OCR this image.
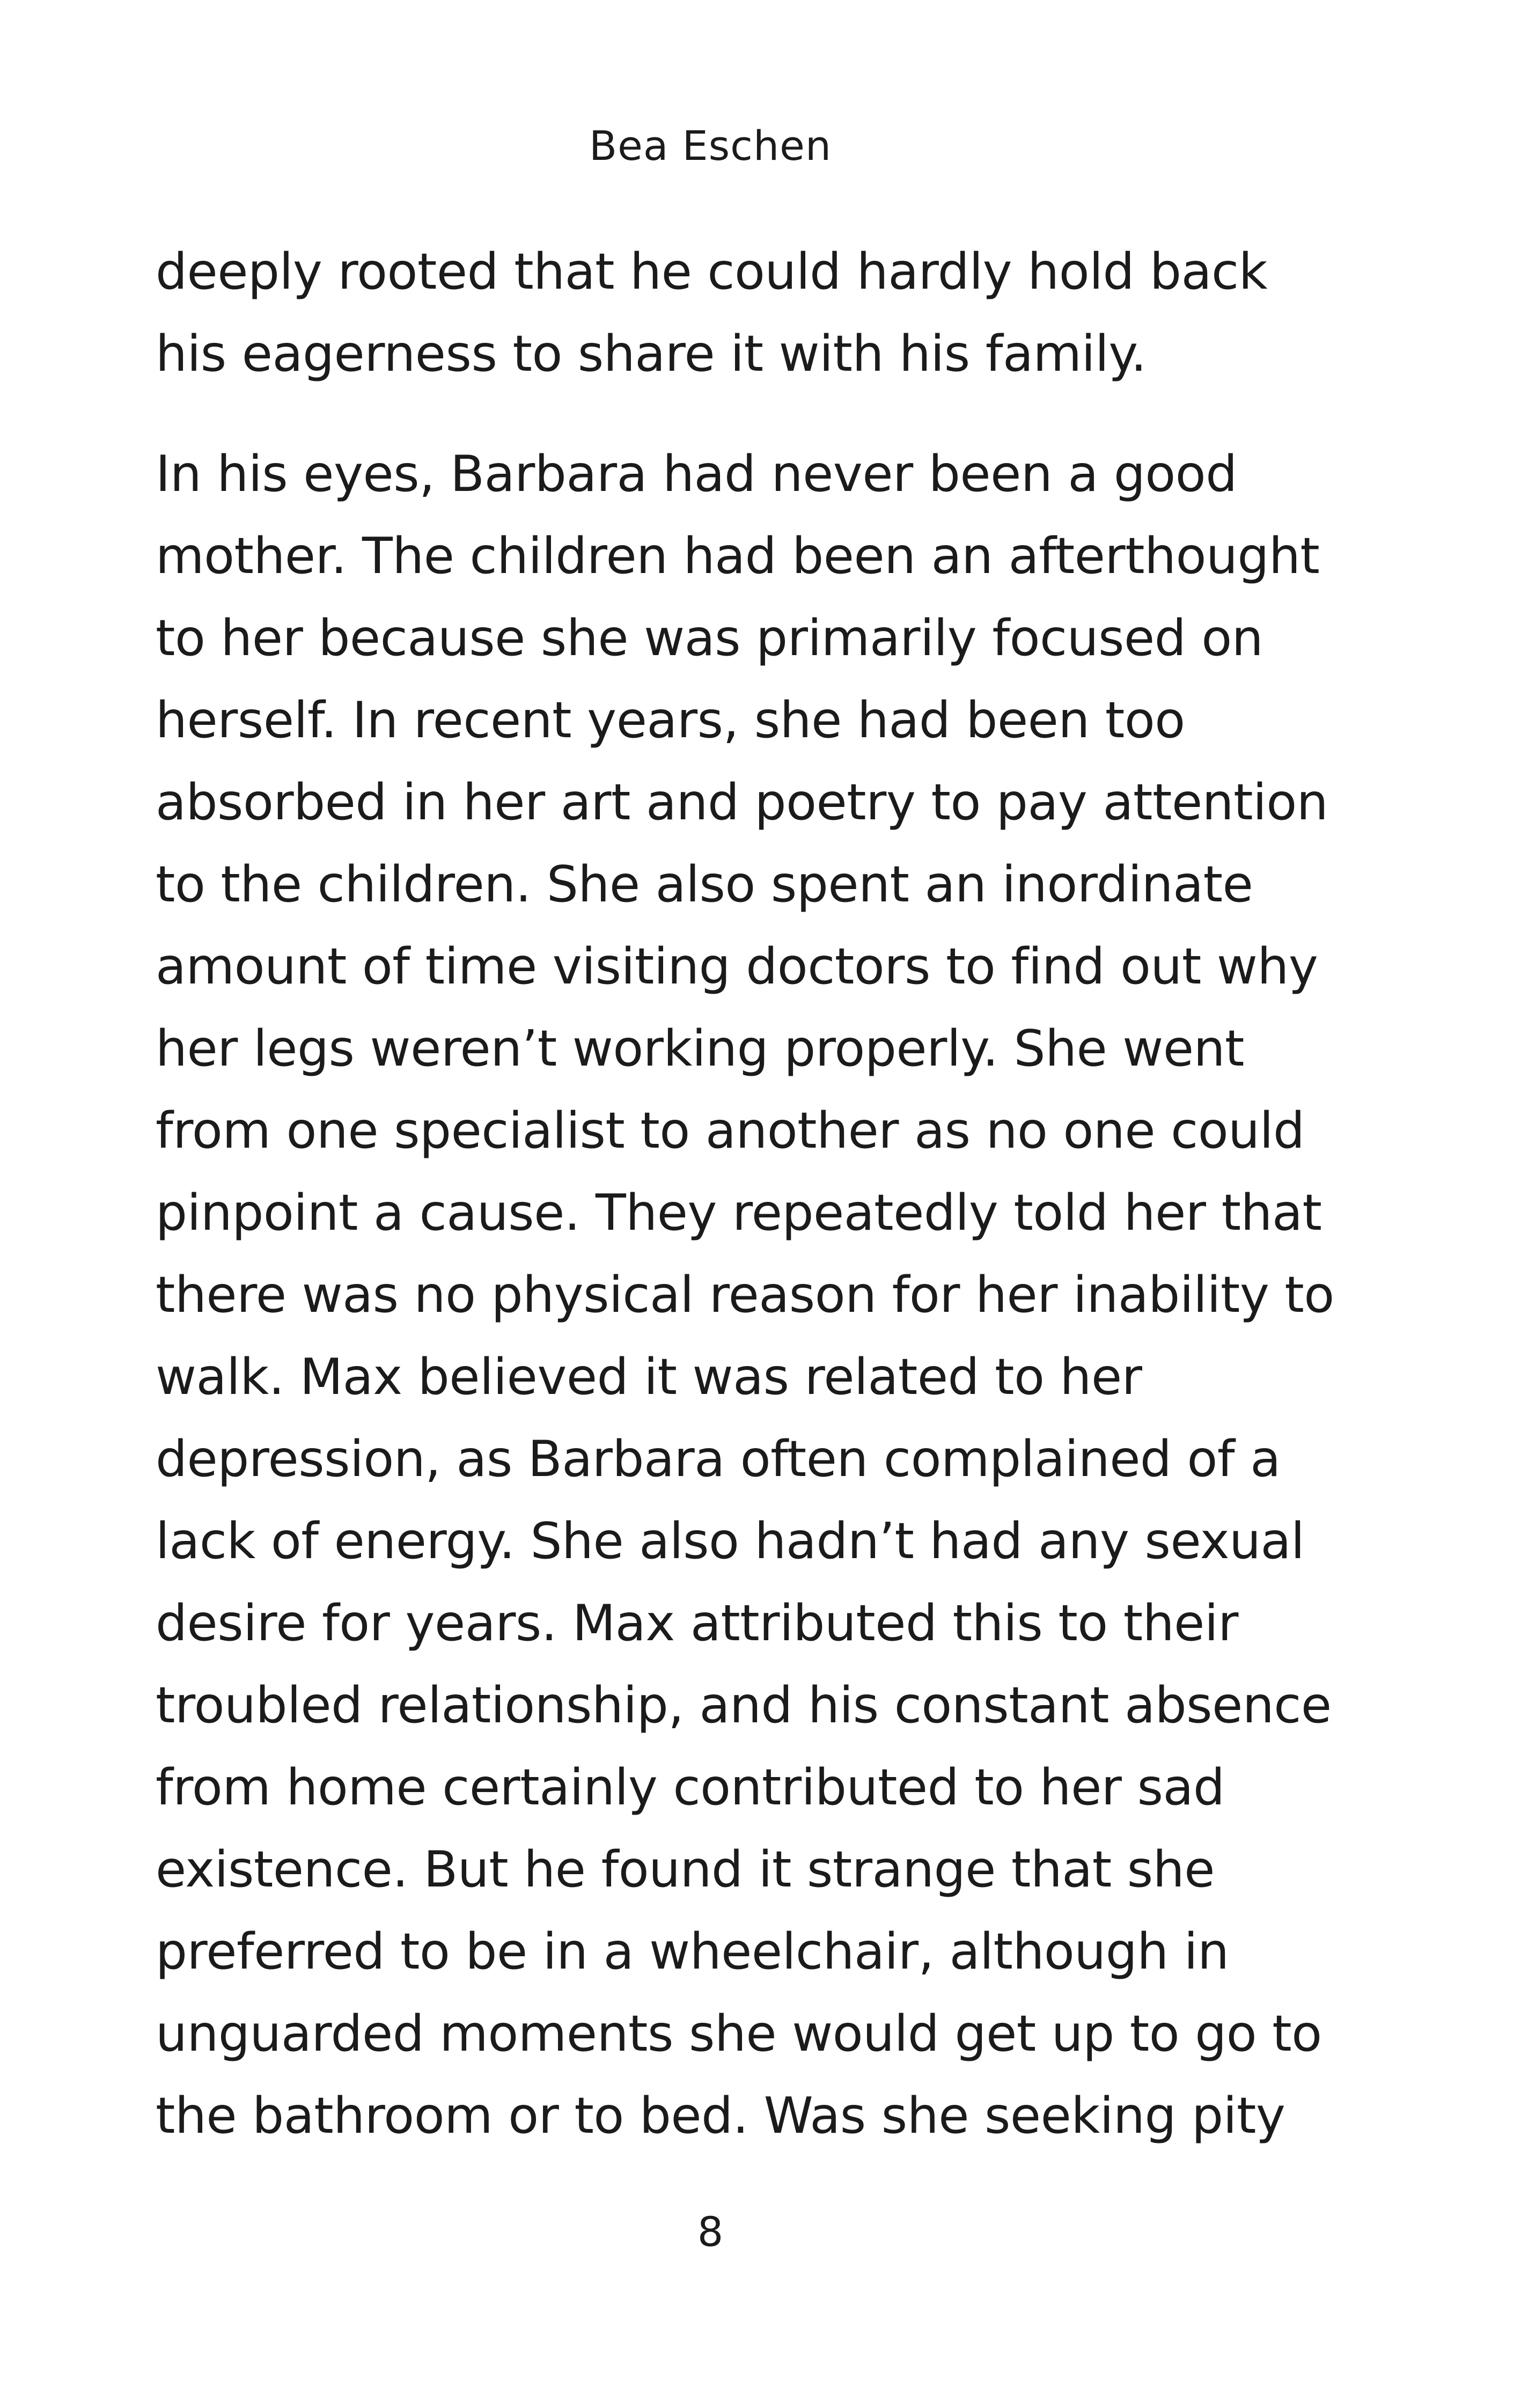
Bea Eschen

deeply rooted that he could hardly hold back
his eagerness to share it with his family.

In his eyes, Barbara had never been a good
mother. The children had been an afterthought
to her because she was primarily focused on
herself. In recent years, she had been too
absorbed in her art and poetry to pay attention
to the children. She also spent an inordinate
amount of time visiting doctors to find out why
her legs weren’t working properly. She went
from one specialist to another as no one could
pinpoint a cause. They repeatedly told her that
there was no physical reason for her inability to
walk. Max believed it was related to her
depression, as Barbara often complained of a
lack of energy. She also hadn’t had any sexual
desire for years. Max attributed this to their
troubled relationship, and his constant absence
from home certainly contributed to her sad
existence. But he found it strange that she
preferred to be in a wheelchair, although in
unguarded moments she would get up to go to
the bathroom or to bed. Was she seeking pity

8
